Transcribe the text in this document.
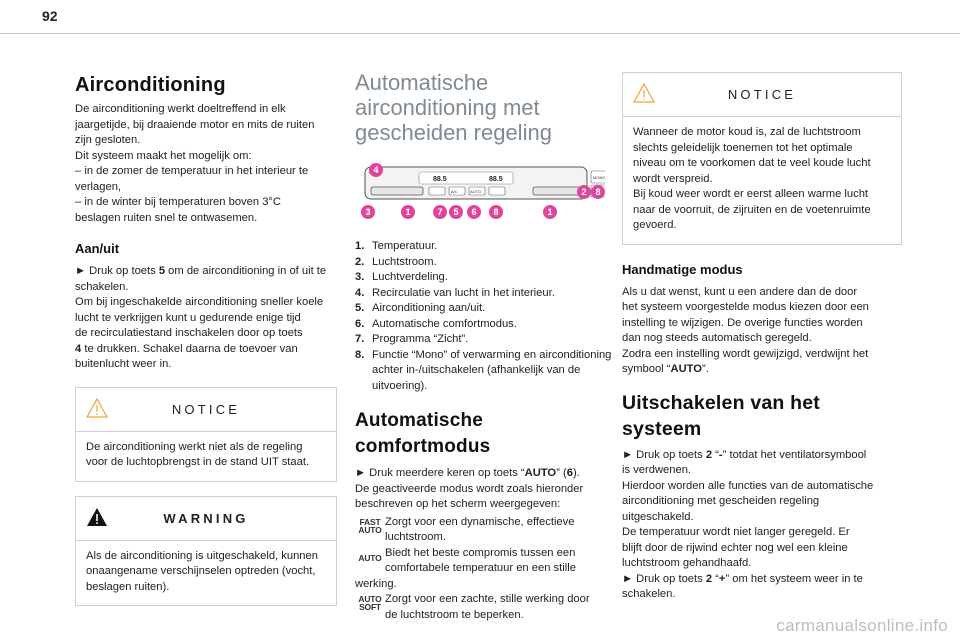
92
Airconditioning

De airconditioning werkt doeltreffend in elk

jaargetijde, bij draaiende motor en mits de ruiten

zijn gesloten.

Dit systeem maakt het mogelijk om:

– in de zomer de temperatuur in het interieur te

verlagen,

– in de winter bij temperaturen boven 3°C

beslagen ruiten snel te ontwasemen.

Aan/uit

► Druk op toets 5 om de airconditioning in of uit te

schakelen.

Om bij ingeschakelde airconditioning sneller koele

lucht te verkrijgen kunt u gedurende enige tijd

de recirculatiestand inschakelen door op toets

4 te drukken. Schakel daarna de toevoer van

buitenlucht weer in.

NOTICE

De airconditioning werkt niet als de regeling

voor de luchtopbrengst in de stand UIT staat.

WARNING

Als de airconditioning is uitgeschakeld, kunnen

onaangename verschijnselen optreden (vocht,

beslagen ruiten).

Automatische
airconditioning met
gescheiden regeling
88.5	88.5
A/C	AUTO
MONO
4
2 8
3	1	7	5	6	8	1
1. Temperatuur.
2. Luchtstroom.
3. Luchtverdeling.
4. Recirculatie van lucht in het interieur.
5. Airconditioning aan/uit.
6. Automatische comfortmodus.
7. Programma “Zicht”.
8. Functie “Mono” of verwarming en airconditioning
achter in-/uitschakelen (afhankelijk van de
uitvoering).
Automatische comfortmodus

► Druk meerdere keren op toets “AUTO” (6).

De geactiveerde modus wordt zoals hieronder

beschreven op het scherm weergegeven:

FAST
AUTO

Zorgt voor een dynamische, effectieve

luchtstroom.

AUTO Biedt het beste compromis tussen een

comfortabele temperatuur en een stille

werking.

AUTO
SOFT

Zorgt voor een zachte, stille werking door

de luchtstroom te beperken.

NOTICE

Wanneer de motor koud is, zal de luchtstroom

slechts geleidelijk toenemen tot het optimale

niveau om te voorkomen dat te veel koude lucht

wordt verspreid.

Bij koud weer wordt er eerst alleen warme lucht

naar de voorruit, de zijruiten en de voetenruimte

gevoerd.

Handmatige modus

Als u dat wenst, kunt u een andere dan de door

het systeem voorgestelde modus kiezen door een

instelling te wijzigen. De overige functies worden

dan nog steeds automatisch geregeld.

Zodra een instelling wordt gewijzigd, verdwijnt het

symbool “AUTO”.

Uitschakelen van het systeem

► Druk op toets 2 “-” totdat het ventilatorsymbool

is verdwenen.

Hierdoor worden alle functies van de automatische

airconditioning met gescheiden regeling

uitgeschakeld.

De temperatuur wordt niet langer geregeld. Er

blijft door de rijwind echter nog wel een kleine

luchtstroom gehandhaafd.

► Druk op toets 2 “+” om het systeem weer in te

schakelen.

carmanualsonline.info
